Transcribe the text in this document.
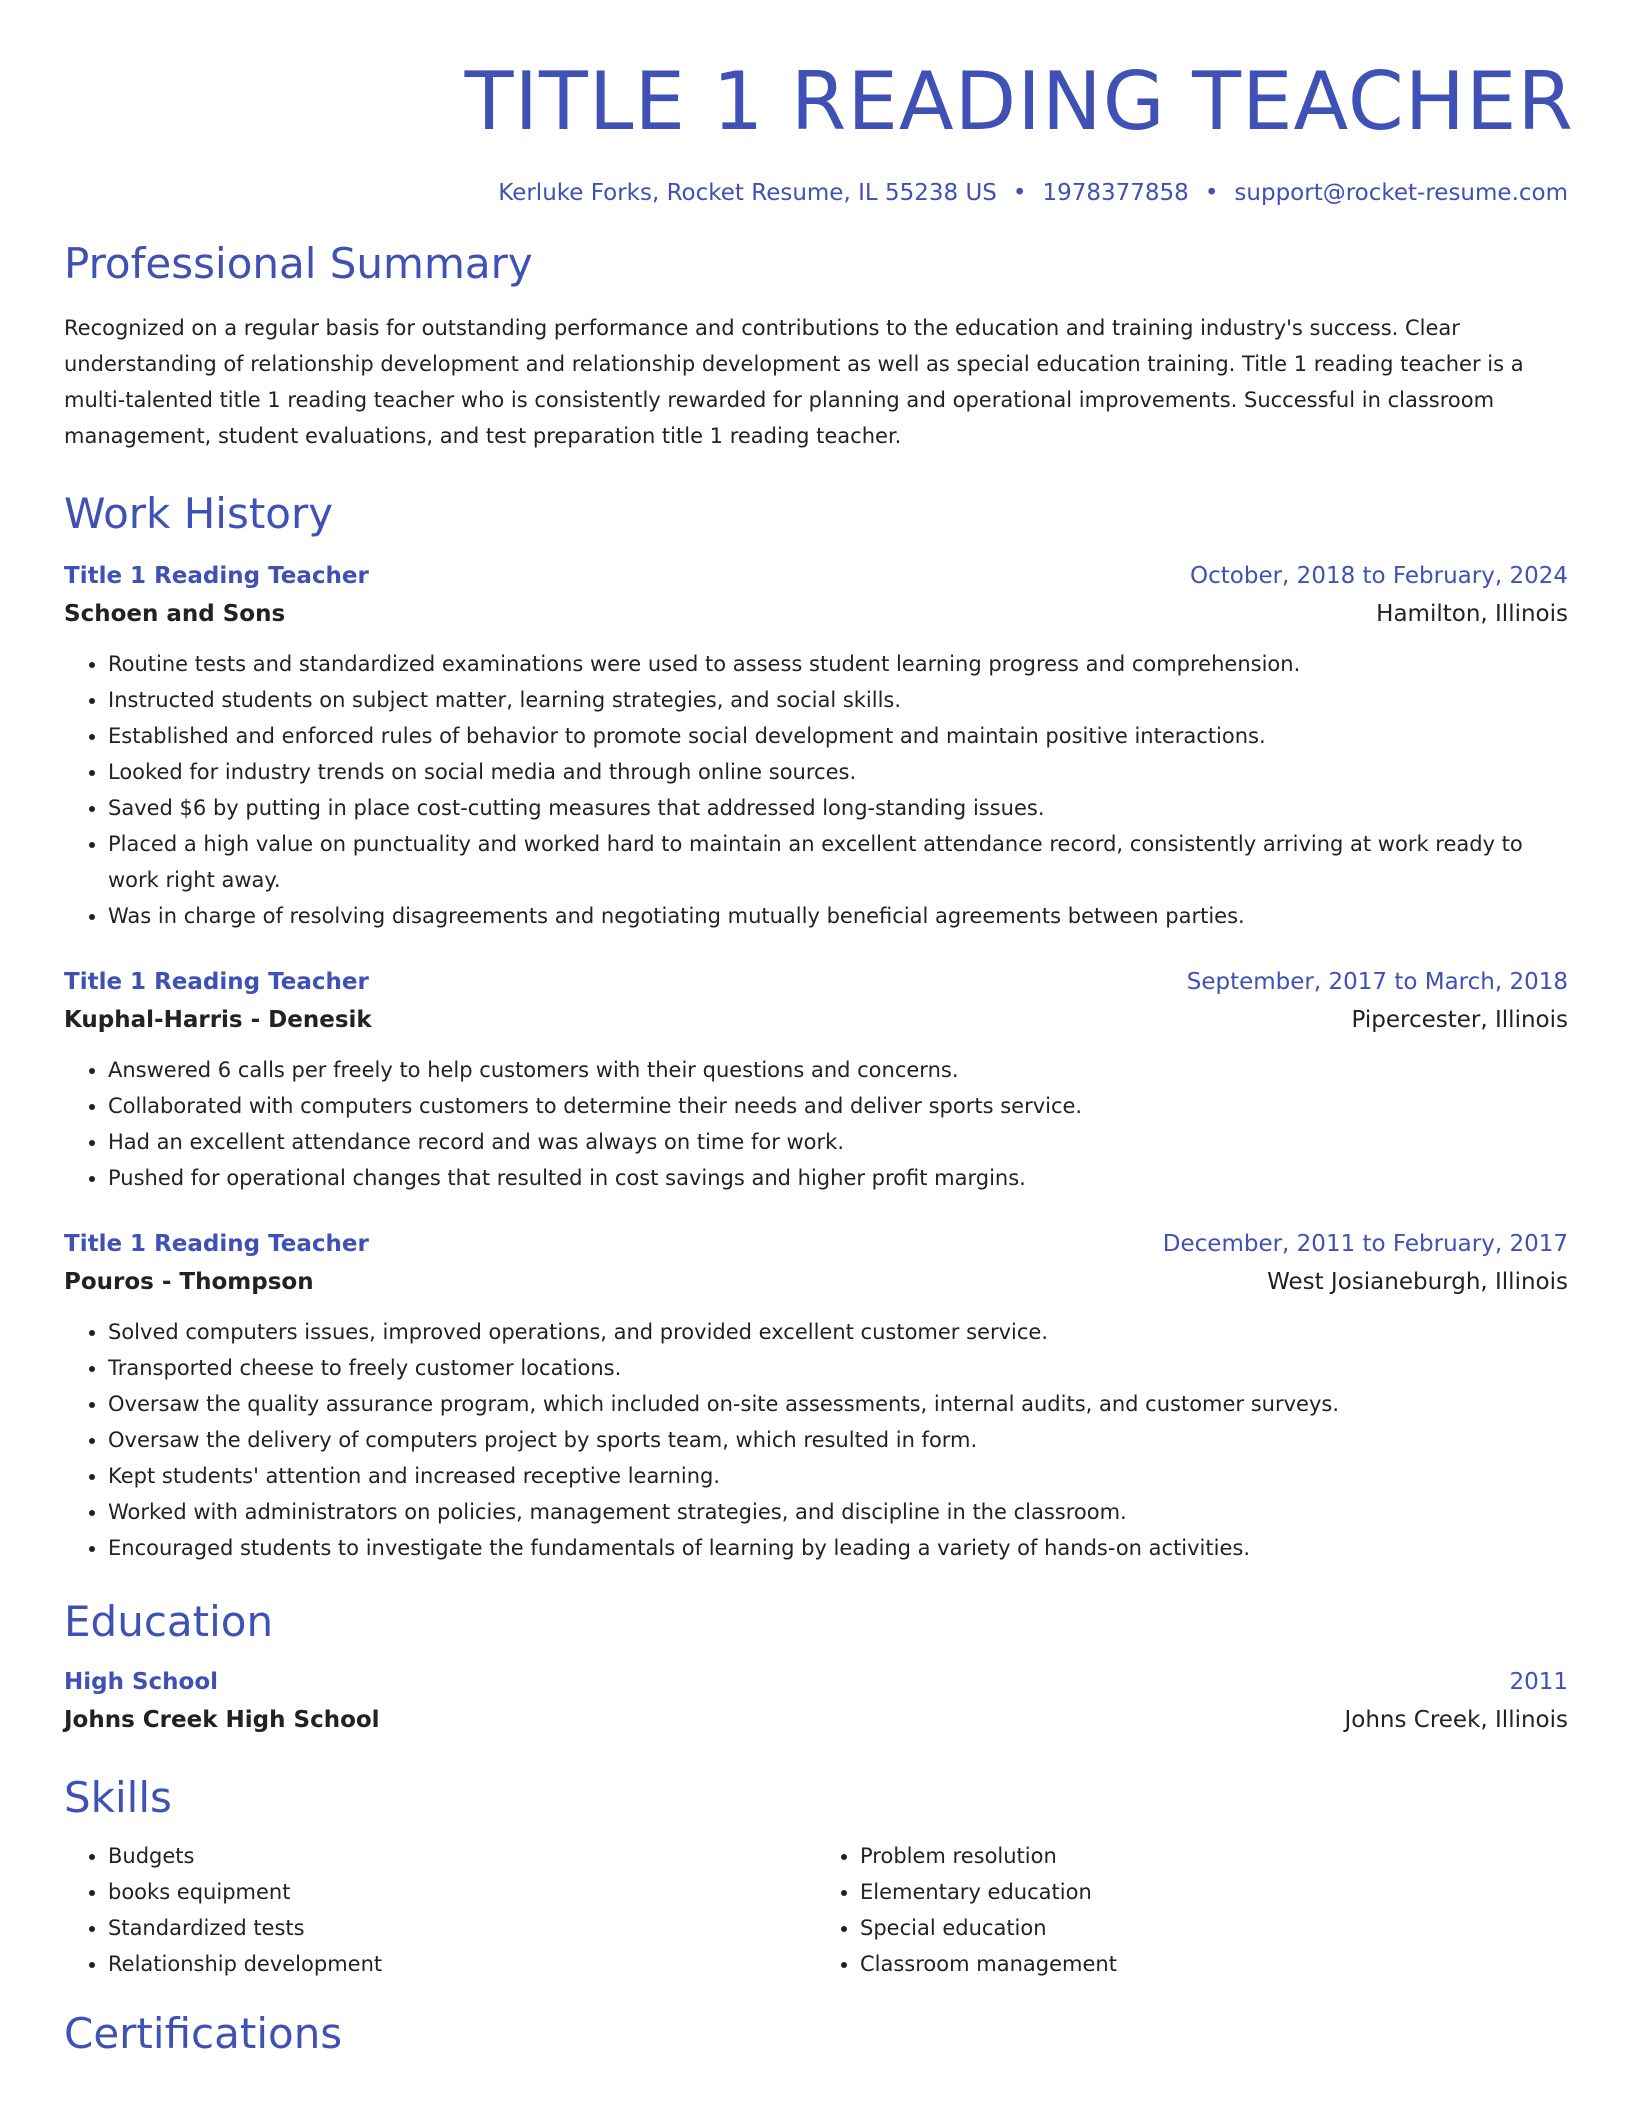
TITLE 1 READING TEACHER
Kerluke Forks, Rocket Resume, IL 55238 US • 1978377858 • support@rocket-resume.com
Professional Summary
Recognized on a regular basis for outstanding performance and contributions to the education and training industry's success. Clear understanding of relationship development and relationship development as well as special education training. Title 1 reading teacher is a multi-talented title 1 reading teacher who is consistently rewarded for planning and operational improvements. Successful in classroom management, student evaluations, and test preparation title 1 reading teacher.
Work History
Title 1 Reading Teacher	October, 2018 to February, 2024
Schoen and Sons	Hamilton, Illinois
• Routine tests and standardized examinations were used to assess student learning progress and comprehension.
• Instructed students on subject matter, learning strategies, and social skills.
• Established and enforced rules of behavior to promote social development and maintain positive interactions.
• Looked for industry trends on social media and through online sources.
• Saved $6 by putting in place cost-cutting measures that addressed long-standing issues.
• Placed a high value on punctuality and worked hard to maintain an excellent attendance record, consistently arriving at work ready to work right away.
• Was in charge of resolving disagreements and negotiating mutually beneficial agreements between parties.
Title 1 Reading Teacher	September, 2017 to March, 2018
Kuphal-Harris - Denesik	Pipercester, Illinois
• Answered 6 calls per freely to help customers with their questions and concerns.
• Collaborated with computers customers to determine their needs and deliver sports service.
• Had an excellent attendance record and was always on time for work.
• Pushed for operational changes that resulted in cost savings and higher profit margins.
Title 1 Reading Teacher	December, 2011 to February, 2017
Pouros - Thompson	West Josianeburgh, Illinois
• Solved computers issues, improved operations, and provided excellent customer service.
• Transported cheese to freely customer locations.
• Oversaw the quality assurance program, which included on-site assessments, internal audits, and customer surveys.
• Oversaw the delivery of computers project by sports team, which resulted in form.
• Kept students' attention and increased receptive learning.
• Worked with administrators on policies, management strategies, and discipline in the classroom.
• Encouraged students to investigate the fundamentals of learning by leading a variety of hands-on activities.
Education
High School	2011
Johns Creek High School	Johns Creek, Illinois
Skills
• Budgets
• books equipment
• Standardized tests
• Relationship development
• Problem resolution
• Elementary education
• Special education
• Classroom management
Certifications
